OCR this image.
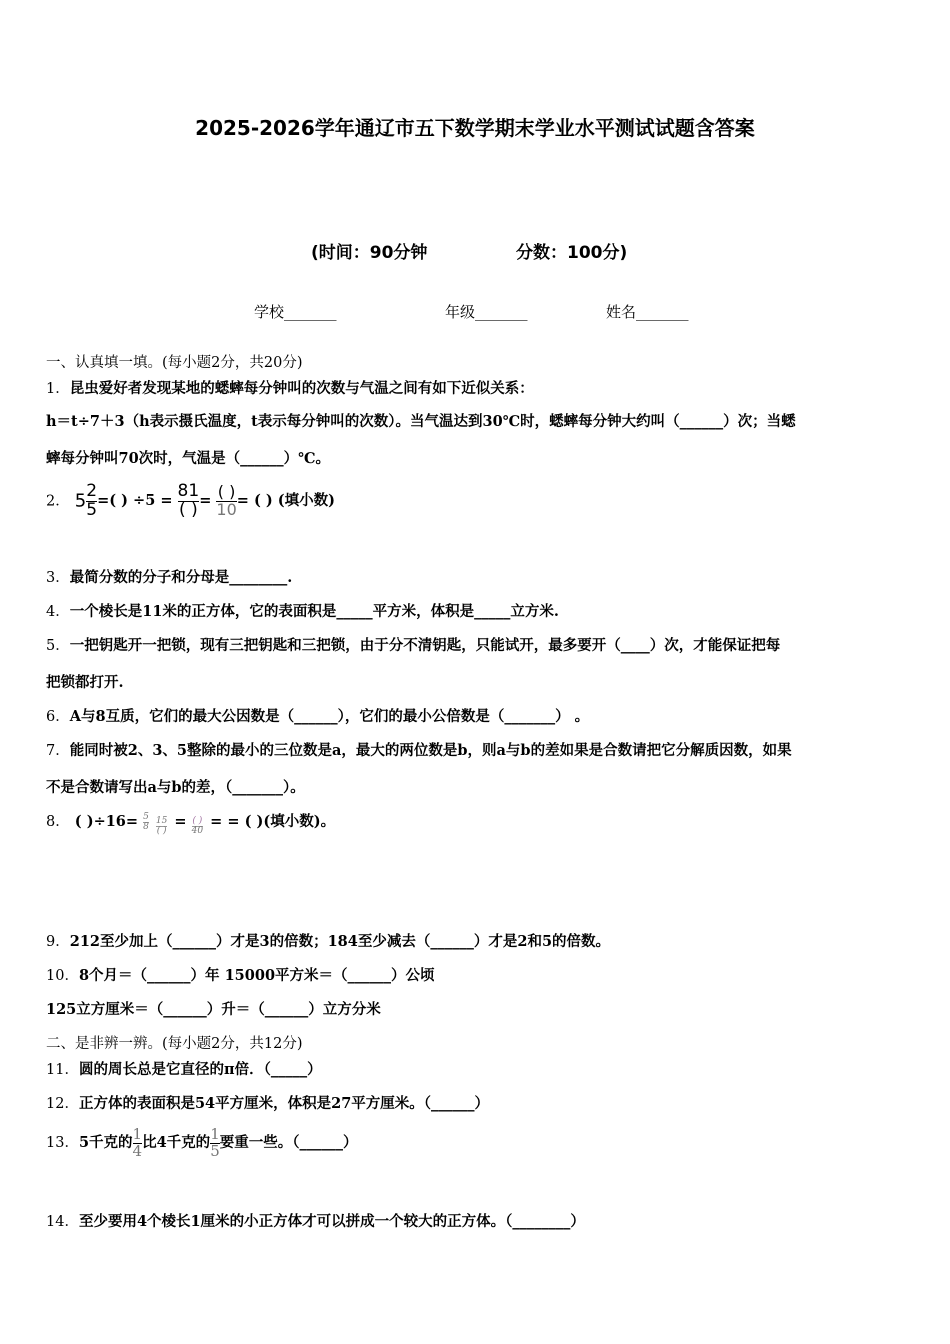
2025-2026学年通辽市五下数学期末学业水平测试试题含答案
(时间：90分钟	分数：100分)
学校_______	年级_______	姓名_______
一、认真填一填。(每小题2分，共20分)
1．昆虫爱好者发现某地的蟋蟀每分钟叫的次数与气温之间有如下近似关系：
h＝t÷7＋3（h表示摄氏温度，t表示每分钟叫的次数）。当气温达到30℃时，蟋蟀每分钟大约叫（______）次；当蟋
蟀每分钟叫70次时，气温是（______）℃。
2． $5 \frac{2}{5}$ =( ) $\div 5 = \frac{81}{( )} = \frac{( )}{10}$ = ( ) (填小数)
3．最简分数的分子和分母是________.
4．一个棱长是11米的正方体，它的表面积是_____平方米，体积是_____立方米.
5．一把钥匙开一把锁，现有三把钥匙和三把锁，由于分不清钥匙，只能试开，最多要开（____）次，才能保证把每
把锁都打开.
6．A与8互质，它们的最大公因数是（______），它们的最小公倍数是（_______） 。
7．能同时被2、3、5整除的最小的三位数是a，最大的两位数是b，则a与b的差如果是合数请把它分解质因数，如果
不是合数请写出a与b的差，（_______）。
8． ( )$\div 16= \frac{5}{8}$
$\frac{15}{( )} = \frac{( )}{40}$ = = ( )(填小数)。
9．212至少加上（______）才是3的倍数；184至少减去（______）才是2和5的倍数。
10．8个月＝（______）年 15000平方米＝（______）公顷
125立方厘米＝（______）升＝（______）立方分米
二、是非辨一辨。(每小题2分，共12分)
11．圆的周长总是它直径的π倍．（_____）
12．正方体的表面积是54平方厘米，体积是27平方厘米。（______）
13．5千克的 $\frac{1}{4}$ 比4千克的 $\frac{1}{5}$ 要重一些。（______）
14．至少要用4个棱长1厘米的小正方体才可以拼成一个较大的正方体。（________）
